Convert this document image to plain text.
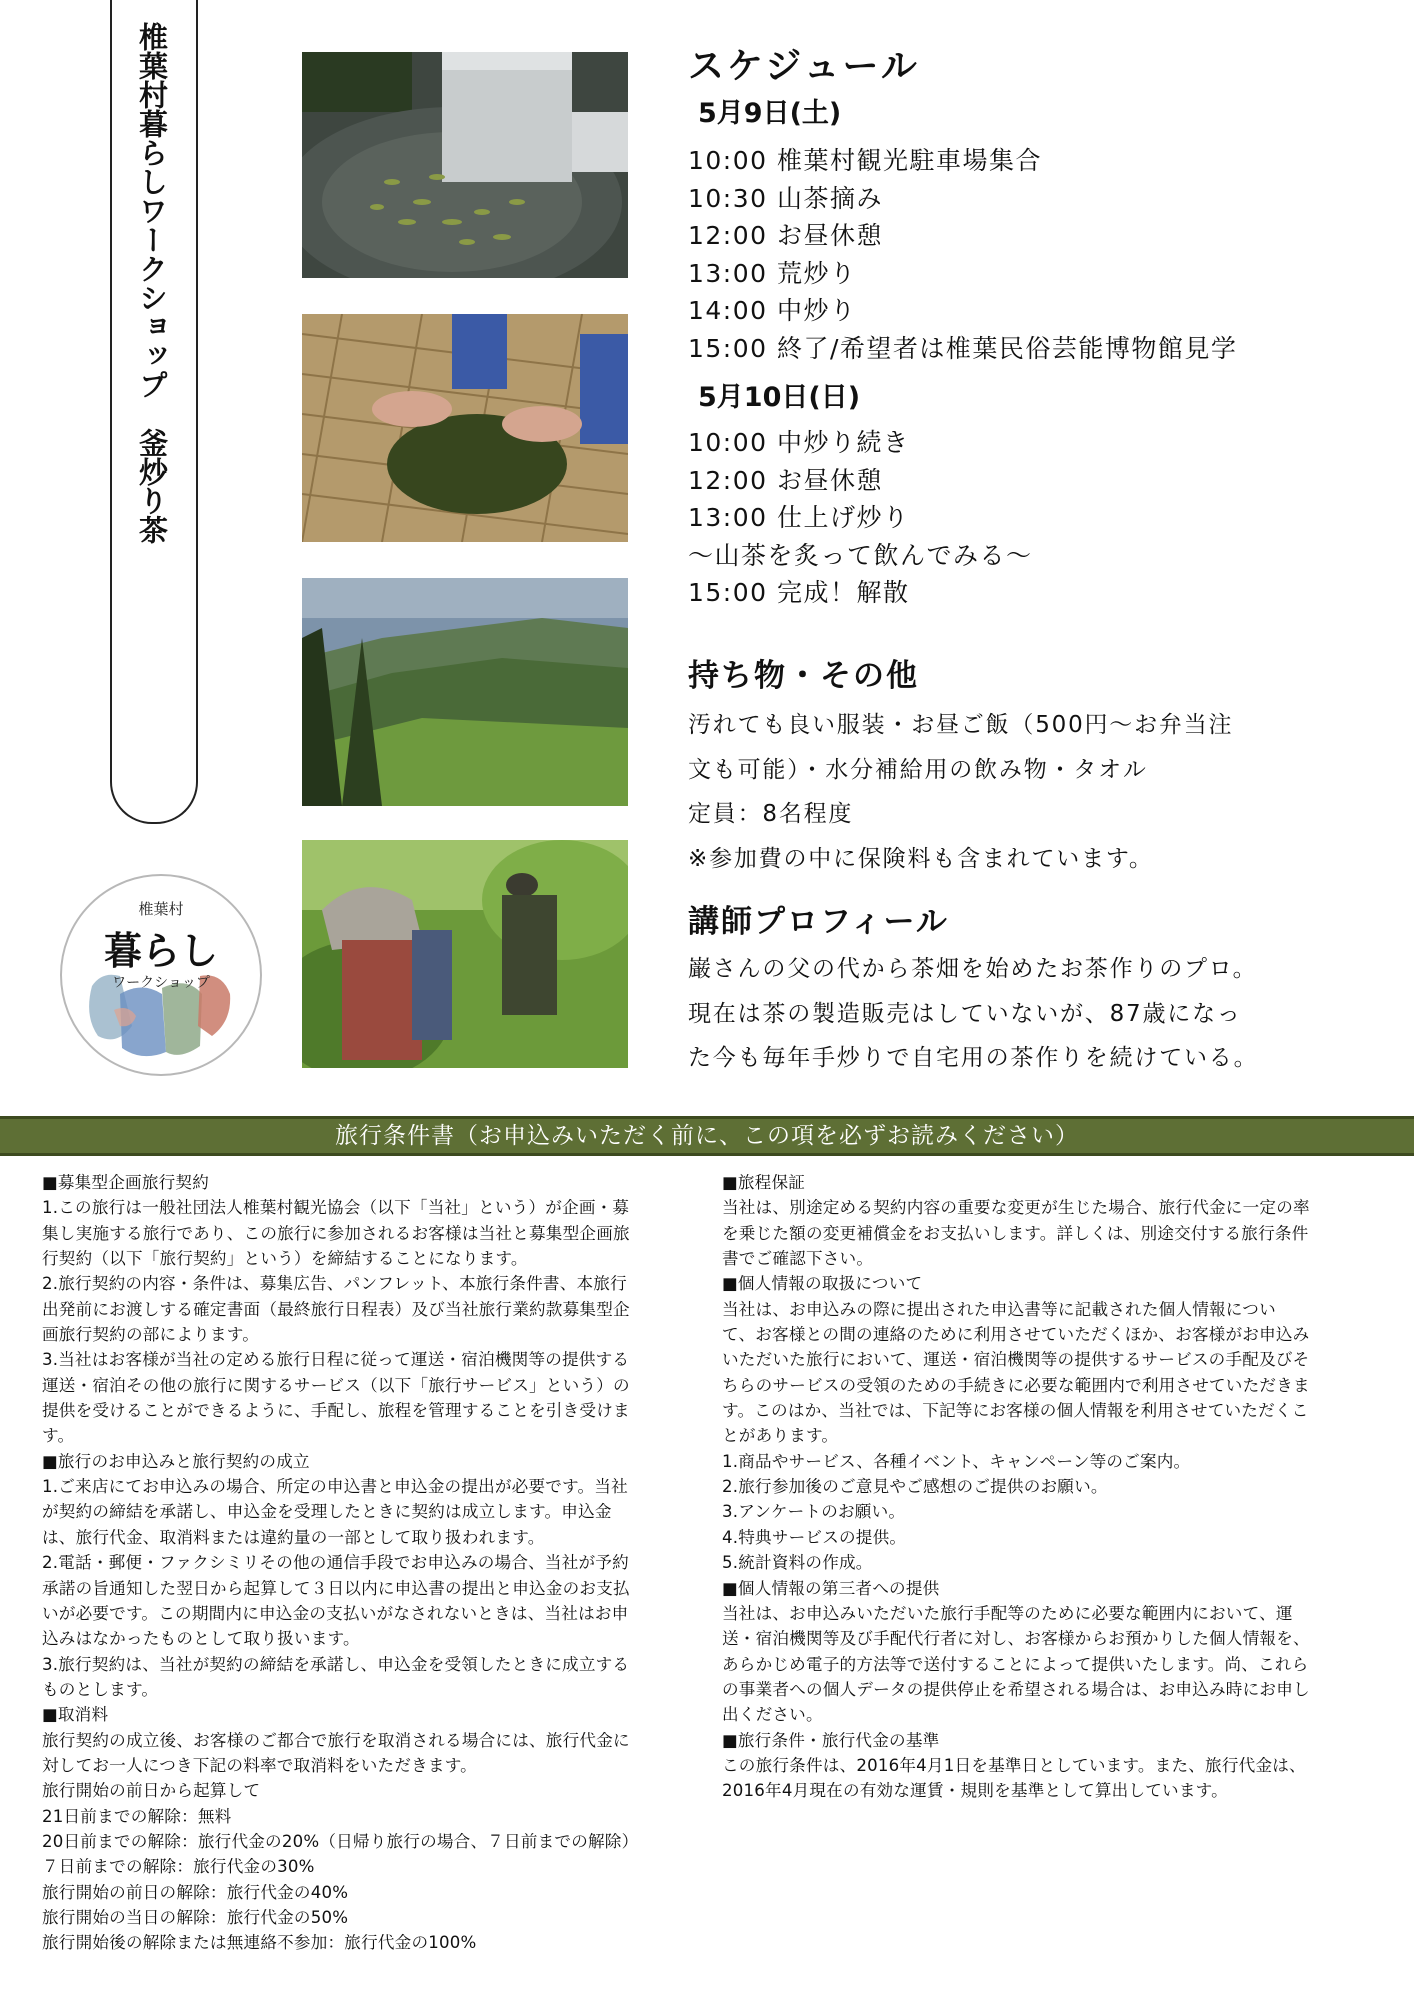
椎葉村暮らしワークショップ　釜炒り茶
椎葉村
暮らし
ワークショップ
スケジュール
5月9日(土)
10:00 椎葉村観光駐車場集合
10:30 山茶摘み
12:00 お昼休憩
13:00 荒炒り
14:00 中炒り
15:00 終了/希望者は椎葉民俗芸能博物館見学
5月10日(日)
10:00 中炒り続き
12:00 お昼休憩
13:00 仕上げ炒り
～山茶を炙って飲んでみる～
15:00 完成！解散
持ち物・その他
汚れても良い服装・お昼ご飯（500円～お弁当注
文も可能）・水分補給用の飲み物・タオル
定員：8名程度
※参加費の中に保険料も含まれています。
講師プロフィール
巌さんの父の代から茶畑を始めたお茶作りのプロ。
現在は茶の製造販売はしていないが、87歳になっ
た今も毎年手炒りで自宅用の茶作りを続けている。
旅行条件書（お申込みいただく前に、この項を必ずお読みください）
■募集型企画旅行契約
1.この旅行は一般社団法人椎葉村観光協会（以下「当社」という）が企画・募
集し実施する旅行であり、この旅行に参加されるお客様は当社と募集型企画旅
行契約（以下「旅行契約」という）を締結することになります。
2.旅行契約の内容・条件は、募集広告、パンフレット、本旅行条件書、本旅行
出発前にお渡しする確定書面（最終旅行日程表）及び当社旅行業約款募集型企
画旅行契約の部によります。
3.当社はお客様が当社の定める旅行日程に従って運送・宿泊機関等の提供する
運送・宿泊その他の旅行に関するサービス（以下「旅行サービス」という）の
提供を受けることができるように、手配し、旅程を管理することを引き受けま
す。
■旅行のお申込みと旅行契約の成立
1.ご来店にてお申込みの場合、所定の申込書と申込金の提出が必要です。当社
が契約の締結を承諾し、申込金を受理したときに契約は成立します。申込金
は、旅行代金、取消料または違約量の一部として取り扱われます。
2.電話・郵便・ファクシミリその他の通信手段でお申込みの場合、当社が予約
承諾の旨通知した翌日から起算して３日以内に申込書の提出と申込金のお支払
いが必要です。この期間内に申込金の支払いがなされないときは、当社はお申
込みはなかったものとして取り扱います。
3.旅行契約は、当社が契約の締結を承諾し、申込金を受領したときに成立する
ものとします。
■取消料
旅行契約の成立後、お客様のご都合で旅行を取消される場合には、旅行代金に
対してお一人につき下記の料率で取消料をいただきます。
旅行開始の前日から起算して
21日前までの解除：無料
20日前までの解除：旅行代金の20%（日帰り旅行の場合、７日前までの解除）
７日前までの解除：旅行代金の30%
旅行開始の前日の解除：旅行代金の40%
旅行開始の当日の解除：旅行代金の50%
旅行開始後の解除または無連絡不参加：旅行代金の100%
■旅程保証
当社は、別途定める契約内容の重要な変更が生じた場合、旅行代金に一定の率
を乗じた額の変更補償金をお支払いします。詳しくは、別途交付する旅行条件
書でご確認下さい。
■個人情報の取扱について
当社は、お申込みの際に提出された申込書等に記載された個人情報につい
て、お客様との間の連絡のために利用させていただくほか、お客様がお申込み
いただいた旅行において、運送・宿泊機関等の提供するサービスの手配及びそ
ちらのサービスの受領のための手続きに必要な範囲内で利用させていただきま
す。このはか、当社では、下記等にお客様の個人情報を利用させていただくこ
とがあります。
1.商品やサービス、各種イベント、キャンペーン等のご案内。
2.旅行参加後のご意見やご感想のご提供のお願い。
3.アンケートのお願い。
4.特典サービスの提供。
5.統計資料の作成。
■個人情報の第三者への提供
当社は、お申込みいただいた旅行手配等のために必要な範囲内において、運
送・宿泊機関等及び手配代行者に対し、お客様からお預かりした個人情報を、
あらかじめ電子的方法等で送付することによって提供いたします。尚、これら
の事業者への個人データの提供停止を希望される場合は、お申込み時にお申し
出ください。
■旅行条件・旅行代金の基準
この旅行条件は、2016年4月1日を基準日としています。また、旅行代金は、
2016年4月現在の有効な運賃・規則を基準として算出しています。
